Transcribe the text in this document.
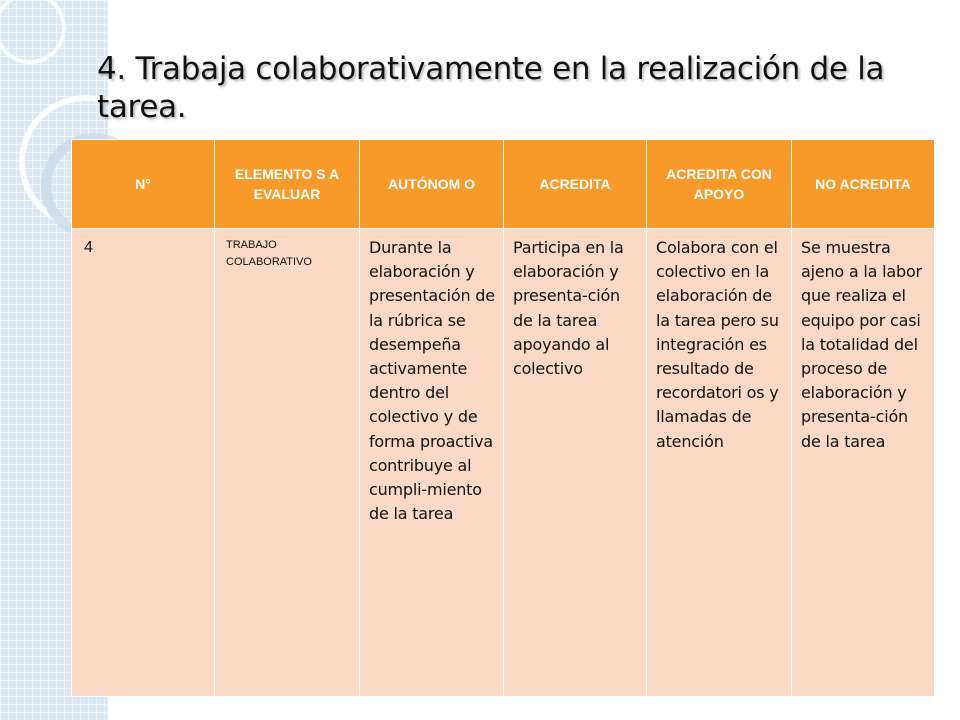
4. Trabaja colaborativamente en la realización de la tarea.
N°	ELEMENTO S A EVALUAR	AUTÓNOM O	ACREDITA	ACREDITA CON APOYO	NO ACREDITA

4	TRABAJO COLABORATIVO	Durante la elaboración y presentación de la rúbrica se desempeña activamente dentro del colectivo y de forma proactiva contribuye al cumpli-miento de la tarea	Participa en la elaboración y presenta-ción de la tarea apoyando al colectivo	Colabora con el colectivo en la elaboración de la tarea pero su integración es resultado de recordatori os y llamadas de atención	Se muestra ajeno a la labor que realiza el equipo por casi la totalidad del proceso de elaboración y presenta-ción de la tarea
